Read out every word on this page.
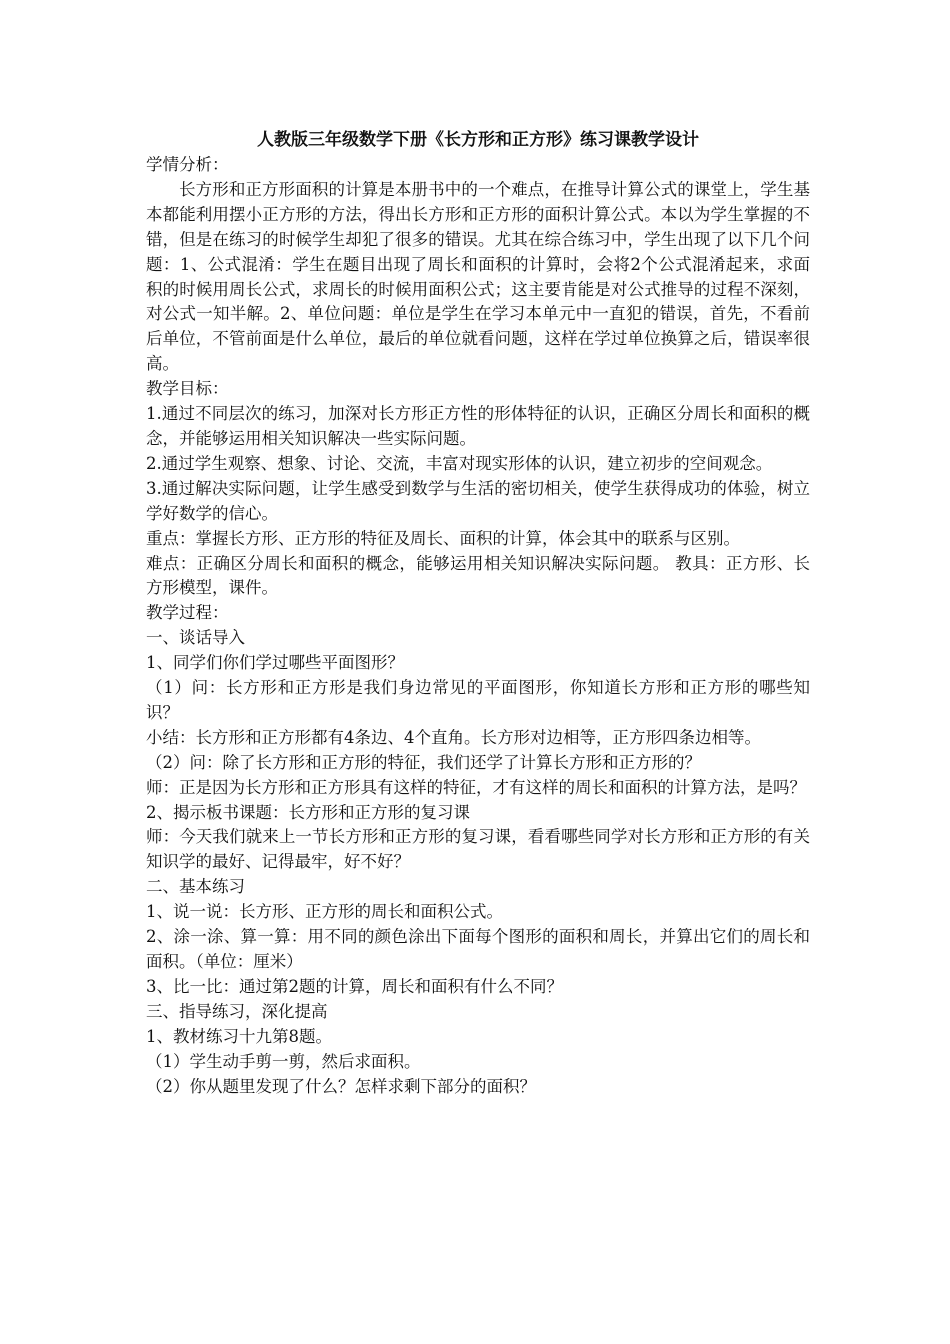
人教版三年级数学下册《长方形和正方形》练习课教学设计

学情分析：

长方形和正方形面积的计算是本册书中的一个难点，在推导计算公式的课堂上，学生基本都能利用摆小正方形的方法，得出长方形和正方形的面积计算公式。本以为学生掌握的不错，但是在练习的时候学生却犯了很多的错误。尤其在综合练习中，学生出现了以下几个问题：1、公式混淆：学生在题目出现了周长和面积的计算时，会将2个公式混淆起来，求面积的时候用周长公式，求周长的时候用面积公式；这主要肯能是对公式推导的过程不深刻，对公式一知半解。2、单位问题：单位是学生在学习本单元中一直犯的错误，首先，不看前后单位，不管前面是什么单位，最后的单位就看问题，这样在学过单位换算之后，错误率很高。

教学目标：

1.通过不同层次的练习，加深对长方形正方性的形体特征的认识，正确区分周长和面积的概念，并能够运用相关知识解决一些实际问题。

2.通过学生观察、想象、讨论、交流，丰富对现实形体的认识，建立初步的空间观念。

3.通过解决实际问题，让学生感受到数学与生活的密切相关，使学生获得成功的体验，树立学好数学的信心。

重点：掌握长方形、正方形的特征及周长、面积的计算，体会其中的联系与区别。

难点：正确区分周长和面积的概念，能够运用相关知识解决实际问题。 教具：正方形、长方形模型，课件。

教学过程：

一、谈话导入

1、同学们你们学过哪些平面图形？

（1）问：长方形和正方形是我们身边常见的平面图形，你知道长方形和正方形的哪些知识？

小结：长方形和正方形都有4条边、4个直角。长方形对边相等，正方形四条边相等。

（2）问：除了长方形和正方形的特征，我们还学了计算长方形和正方形的？

师：正是因为长方形和正方形具有这样的特征，才有这样的周长和面积的计算方法，是吗？

2、揭示板书课题：长方形和正方形的复习课

师：今天我们就来上一节长方形和正方形的复习课，看看哪些同学对长方形和正方形的有关知识学的最好、记得最牢，好不好？

二、基本练习

1、说一说：长方形、正方形的周长和面积公式。

2、涂一涂、算一算：用不同的颜色涂出下面每个图形的面积和周长，并算出它们的周长和面积。（单位：厘米）

3、比一比：通过第2题的计算，周长和面积有什么不同？

三、指导练习，深化提高

1、教材练习十九第8题。

（1）学生动手剪一剪，然后求面积。

（2）你从题里发现了什么？怎样求剩下部分的面积？
